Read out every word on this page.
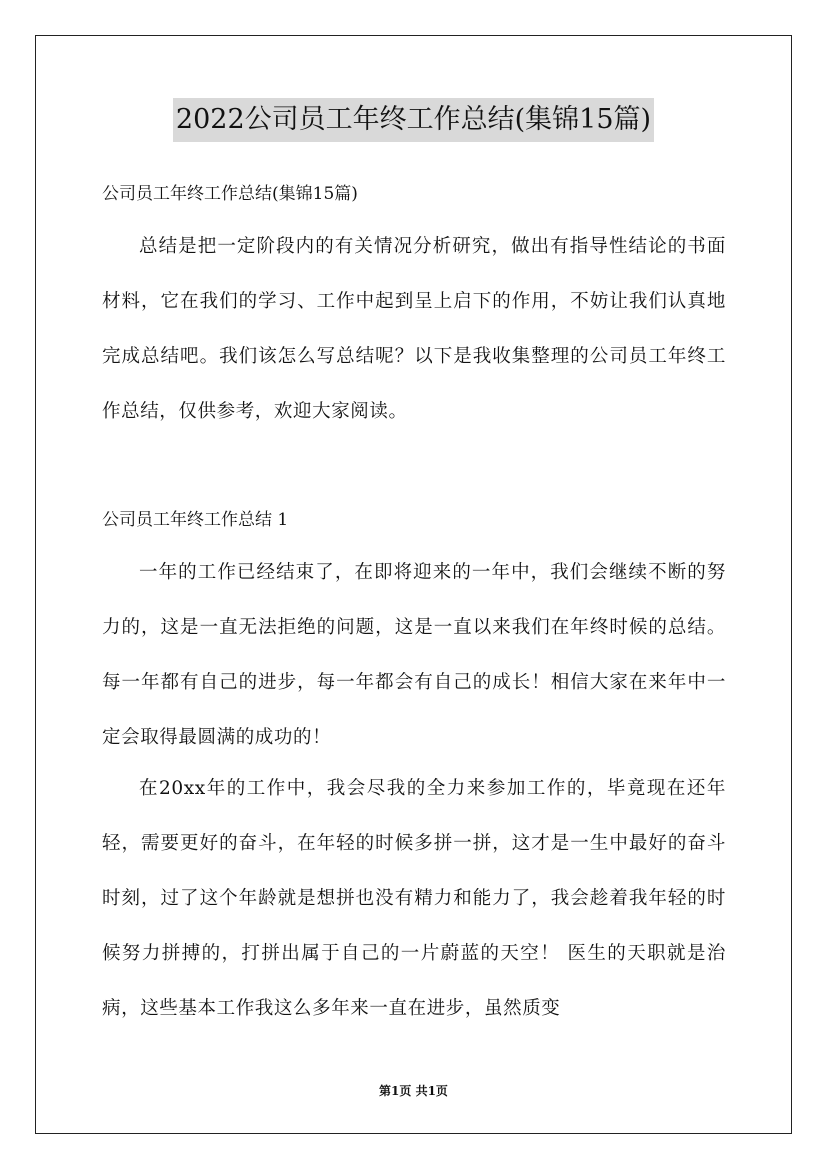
2022公司员工年终工作总结(集锦15篇)
公司员工年终工作总结(集锦15篇)

总结是把一定阶段内的有关情况分析研究，做出有指导性结论的书面材料，它在我们的学习、工作中起到呈上启下的作用，不妨让我们认真地完成总结吧。我们该怎么写总结呢？以下是我收集整理的公司员工年终工作总结，仅供参考，欢迎大家阅读。

公司员工年终工作总结 1

一年的工作已经结束了，在即将迎来的一年中，我们会继续不断的努力的，这是一直无法拒绝的问题，这是一直以来我们在年终时候的总结。每一年都有自己的进步，每一年都会有自己的成长！相信大家在来年中一定会取得最圆满的成功的！

在20xx年的工作中，我会尽我的全力来参加工作的，毕竟现在还年轻，需要更好的奋斗，在年轻的时候多拼一拼，这才是一生中最好的奋斗时刻，过了这个年龄就是想拼也没有精力和能力了，我会趁着我年轻的时候努力拼搏的，打拼出属于自己的一片蔚蓝的天空！ 医生的天职就是治病，这些基本工作我这么多年来一直在进步，虽然质变

第1页 共1页
